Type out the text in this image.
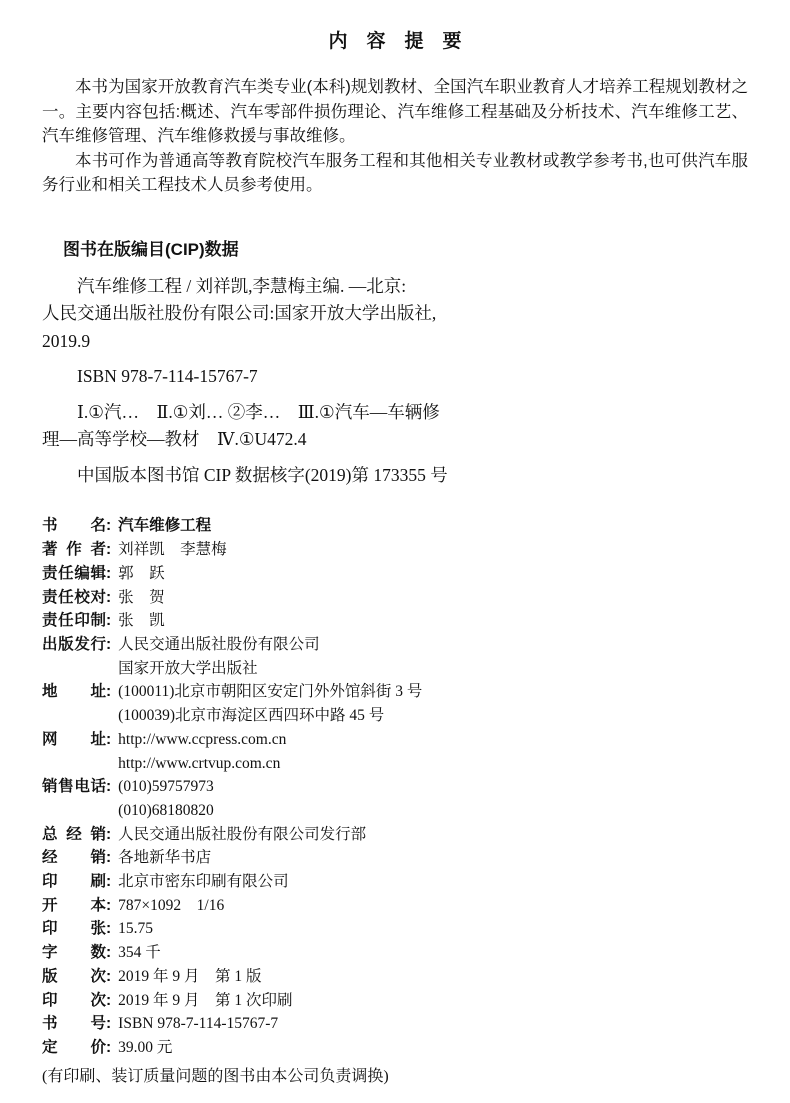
内　容　提　要

本书为国家开放教育汽车类专业(本科)规划教材、全国汽车职业教育人才培养工程规划教材之一。主要内容包括:概述、汽车零部件损伤理论、汽车维修工程基础及分析技术、汽车维修工艺、汽车维修管理、汽车维修救援与事故维修。

本书可作为普通高等教育院校汽车服务工程和其他相关专业教材或教学参考书,也可供汽车服务行业和相关工程技术人员参考使用。

图书在版编目(CIP)数据
汽车维修工程 / 刘祥凯,李慧梅主编. —北京:
人民交通出版社股份有限公司:国家开放大学出版社,
2019.9
ISBN 978-7-114-15767-7
Ⅰ.①汽…　Ⅱ.①刘… ②李…　Ⅲ.①汽车—车辆修
理—高等学校—教材　Ⅳ.①U472.4
中国版本图书馆 CIP 数据核字(2019)第 173355 号
书名 : 汽车维修工程
著作者 : 刘祥凯　李慧梅
责任编辑 : 郭　跃
责任校对 : 张　贺
责任印制 : 张　凯
出版发行 : 人民交通出版社股份有限公司
国家开放大学出版社
地址 : (100011)北京市朝阳区安定门外外馆斜街 3 号
(100039)北京市海淀区西四环中路 45 号
网址 : http://www.ccpress.com.cn
http://www.crtvup.com.cn
销售电话 : (010)59757973
(010)68180820
总经销 : 人民交通出版社股份有限公司发行部
经销 : 各地新华书店
印刷 : 北京市密东印刷有限公司
开本 : 787×1092　1/16
印张 : 15.75
字数 : 354 千
版次 : 2019 年 9 月　第 1 版
印次 : 2019 年 9 月　第 1 次印刷
书号 : ISBN 978-7-114-15767-7
定价 : 39.00 元
(有印刷、装订质量问题的图书由本公司负责调换)
